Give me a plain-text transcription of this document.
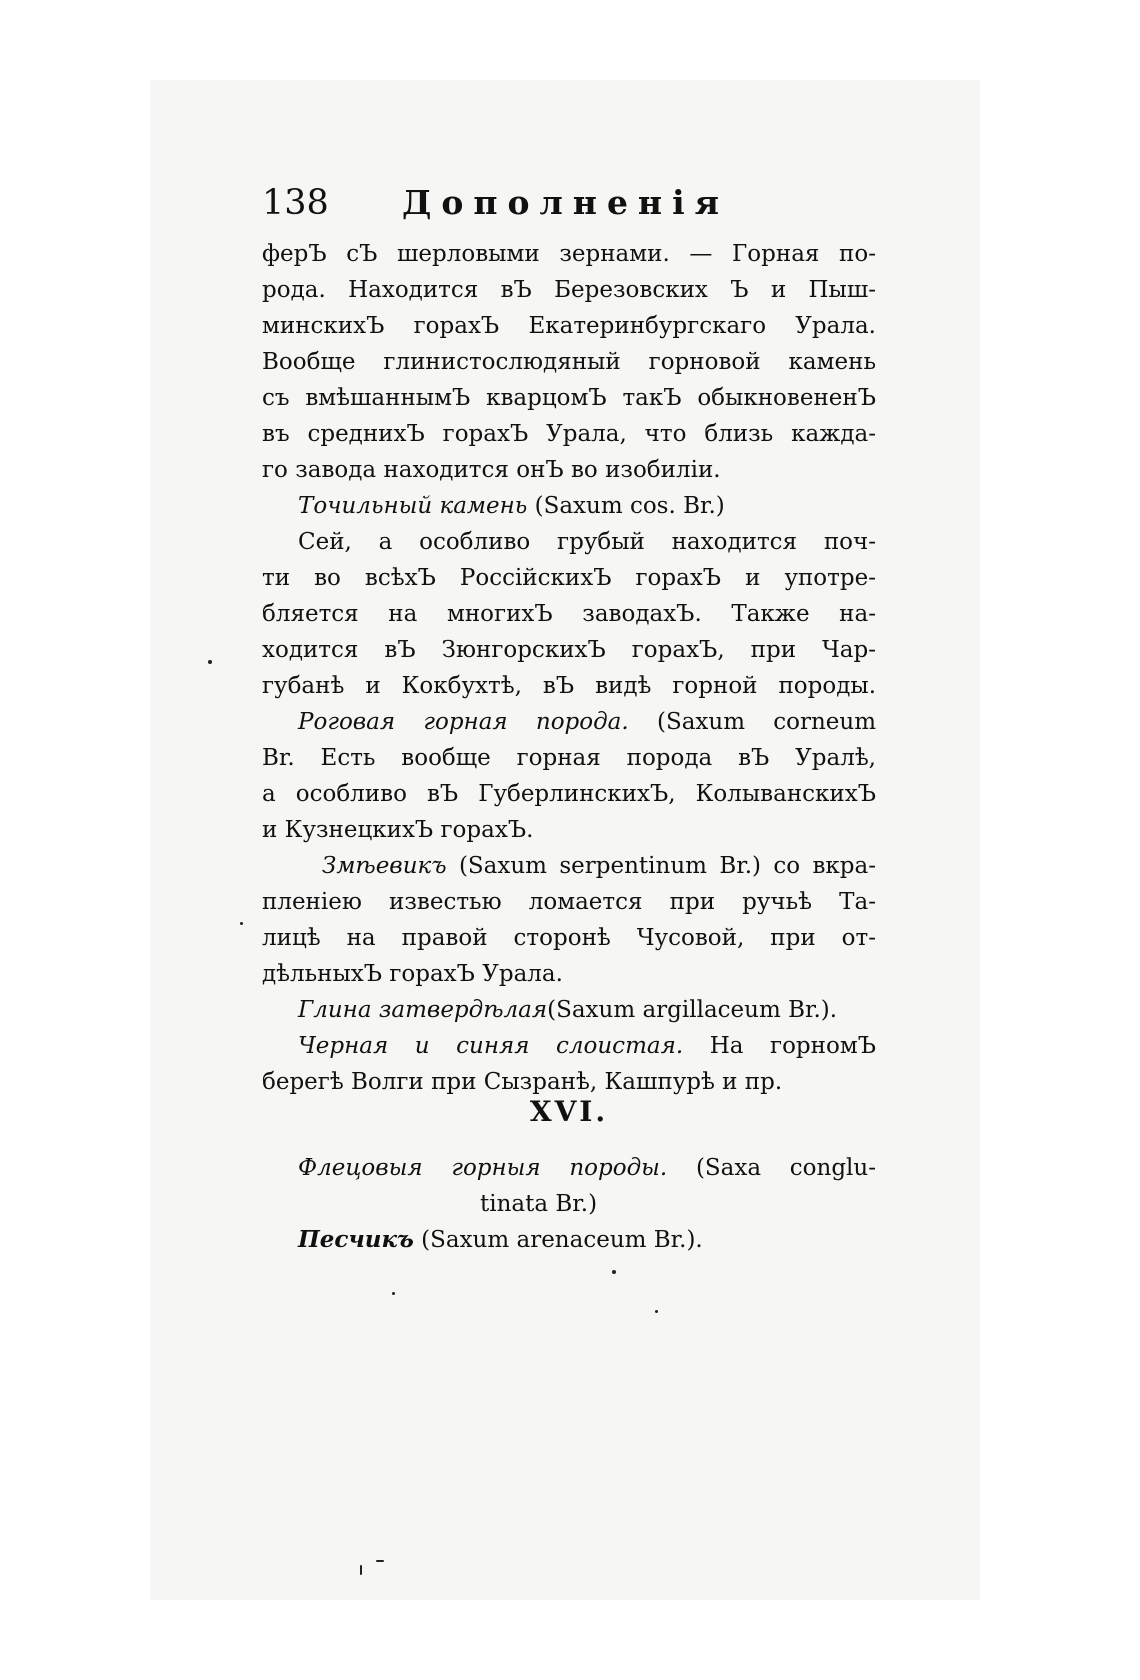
138 Дополненія
ферЪ сЪ шерловыми зернами. — Горная по-
рода. Находится вЪ Березовских Ъ и Пыш-
минскихЪ горахЪ Екатеринбургскаго Урала.
Вообще глинистослюдяный горновой камень
съ вмѣшаннымЪ кварцомЪ такЪ обыкновененЪ
въ среднихЪ горахЪ Урала, что близь кажда-
го завода находится онЪ во изобиліи.
Точильный камень (Saxum cos. Br.)
Сей, а особливо грубый находится поч-
ти во всѣхЪ РоссійскихЪ горахЪ и употре-
бляется на многихЪ заводахЪ. Также на-
ходится вЪ ЗюнгорскихЪ горахЪ, при Чар-
губанѣ и Кокбухтѣ, вЪ видѣ горной породы.
Роговая горная порода. (Saxum corneum
Br. Есть вообще горная порода вЪ Уралѣ,
а особливо вЪ ГуберлинскихЪ, КолыванскихЪ
и КузнецкихЪ горахЪ.
Змѣевикъ (Saxum serpentinum Br.) со вкра-
пленіею известью ломается при ручьѣ Та-
лицѣ на правой сторонѣ Чусовой, при от-
дѣльныхЪ горахЪ Урала.
Глина затвердѣлая(Saxum argillaceum Br.).
Черная и синяя слоистая. На горномЪ
берегѣ Волги при Сызранѣ, Кашпурѣ и пр.
XVI.
Флецовыя горныя породы. (Saxa conglu-
tinata Br.)
Песчикъ (Saxum arenaceum Br.).
